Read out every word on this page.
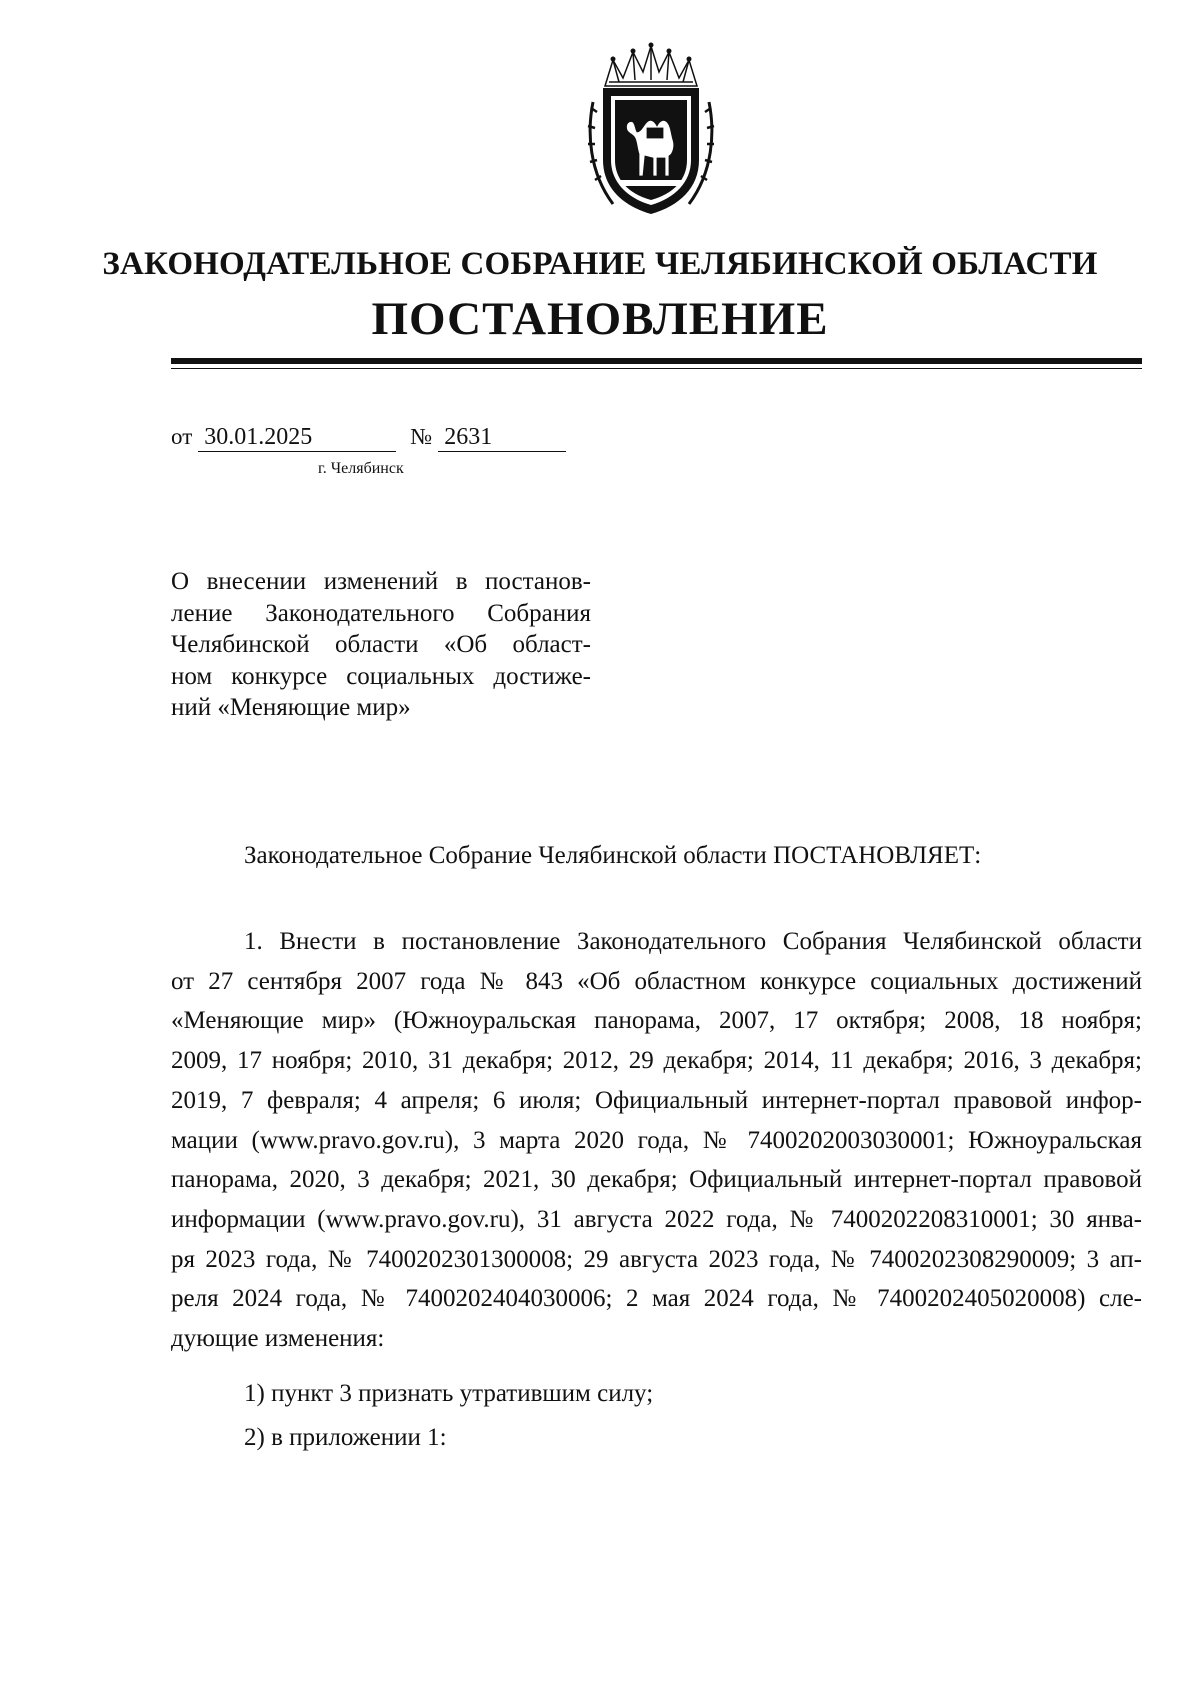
ЗАКОНОДАТЕЛЬНОЕ СОБРАНИЕ ЧЕЛЯБИНСКОЙ ОБЛАСТИ
ПОСТАНОВЛЕНИЕ
от 30.01.2025	№ 2631
г. Челябинск
О внесении изменений в постанов-
ление Законодательного Собрания
Челябинской области «Об област-
ном конкурсе социальных достиже-
ний «Меняющие мир»
Законодательное Собрание Челябинской области ПОСТАНОВЛЯЕТ:
1. Внести в постановление Законодательного Собрания Челябинской области
от 27 сентября 2007 года № 843 «Об областном конкурсе социальных достижений
«Меняющие мир» (Южноуральская панорама, 2007, 17 октября; 2008, 18 ноября;
2009, 17 ноября; 2010, 31 декабря; 2012, 29 декабря; 2014, 11 декабря; 2016, 3 декабря;
2019, 7 февраля; 4 апреля; 6 июля; Официальный интернет-портал правовой инфор-
мации (www.pravo.gov.ru), 3 марта 2020 года, № 7400202003030001; Южноуральская
панорама, 2020, 3 декабря; 2021, 30 декабря; Официальный интернет-портал правовой
информации (www.pravo.gov.ru), 31 августа 2022 года, № 7400202208310001; 30 янва-
ря 2023 года, № 7400202301300008; 29 августа 2023 года, № 7400202308290009; 3 ап-
реля 2024 года, № 7400202404030006; 2 мая 2024 года, № 7400202405020008) сле-
дующие изменения:
1) пункт 3 признать утратившим силу;
2) в приложении 1:
